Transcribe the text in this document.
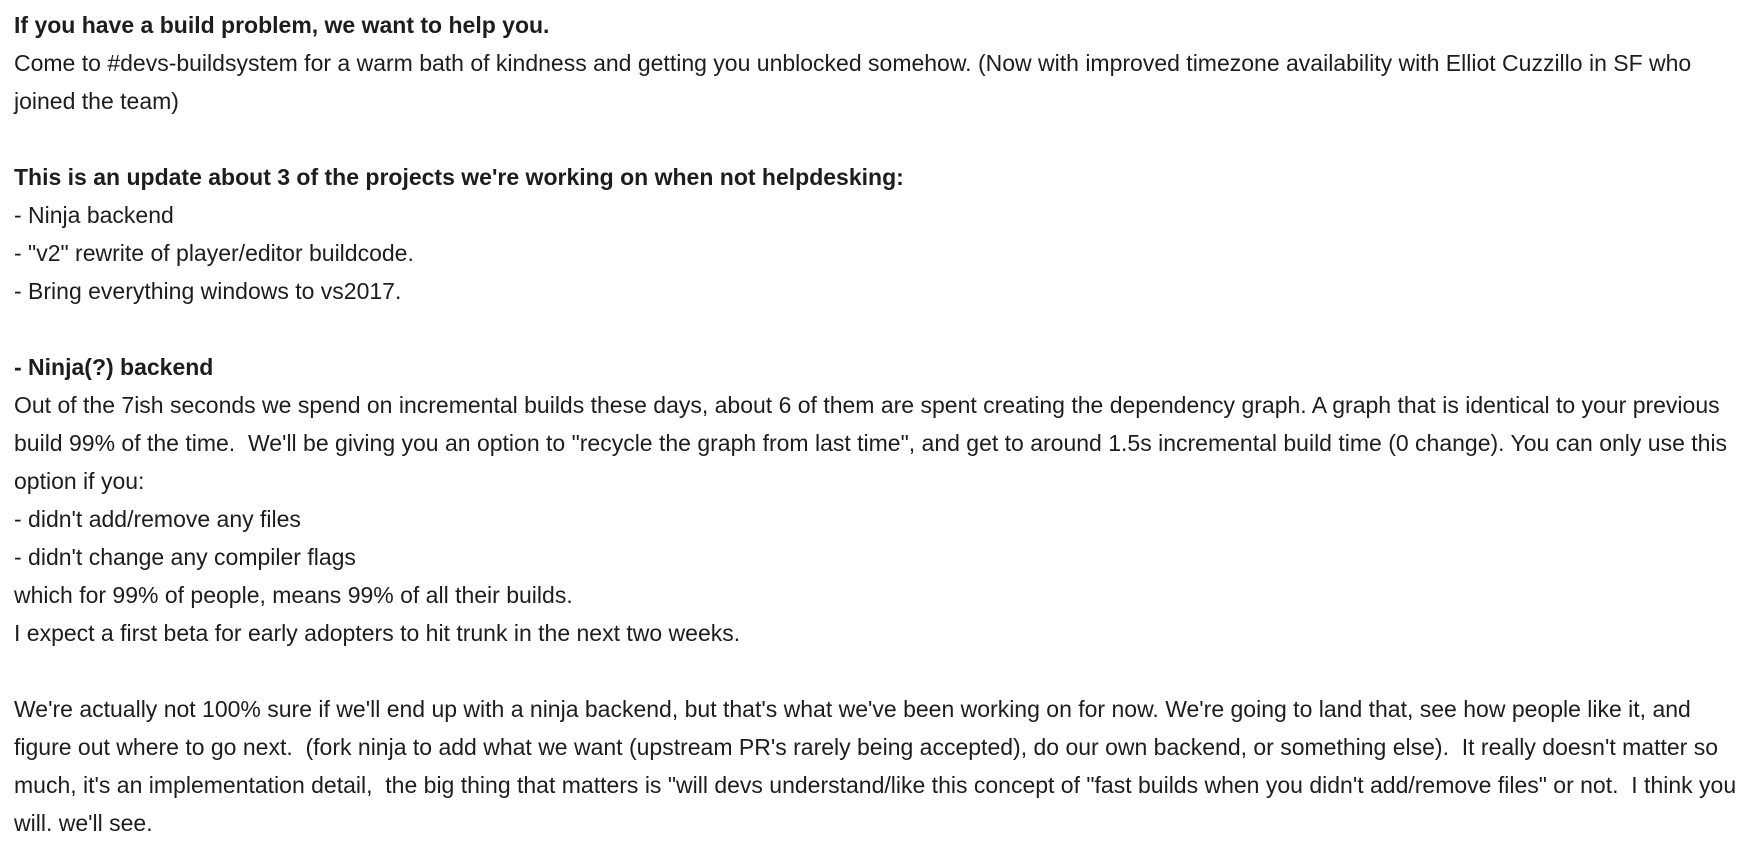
If you have a build problem, we want to help you.

Come to #devs-buildsystem for a warm bath of kindness and getting you unblocked somehow. (Now with improved timezone availability with Elliot Cuzzillo in SF who joined the team)

This is an update about 3 of the projects we're working on when not helpdesking:

- Ninja backend

- "v2" rewrite of player/editor buildcode.

- Bring everything windows to vs2017.

- Ninja(?) backend

Out of the 7ish seconds we spend on incremental builds these days, about 6 of them are spent creating the dependency graph. A graph that is identical to your previous build 99% of the time.  We'll be giving you an option to "recycle the graph from last time", and get to around 1.5s incremental build time (0 change). You can only use this option if you:

- didn't add/remove any files

- didn't change any compiler flags

which for 99% of people, means 99% of all their builds.

I expect a first beta for early adopters to hit trunk in the next two weeks.

We're actually not 100% sure if we'll end up with a ninja backend, but that's what we've been working on for now. We're going to land that, see how people like it, and figure out where to go next.  (fork ninja to add what we want (upstream PR's rarely being accepted), do our own backend, or something else).  It really doesn't matter so much, it's an implementation detail,  the big thing that matters is "will devs understand/like this concept of "fast builds when you didn't add/remove files" or not.  I think you will. we'll see.
